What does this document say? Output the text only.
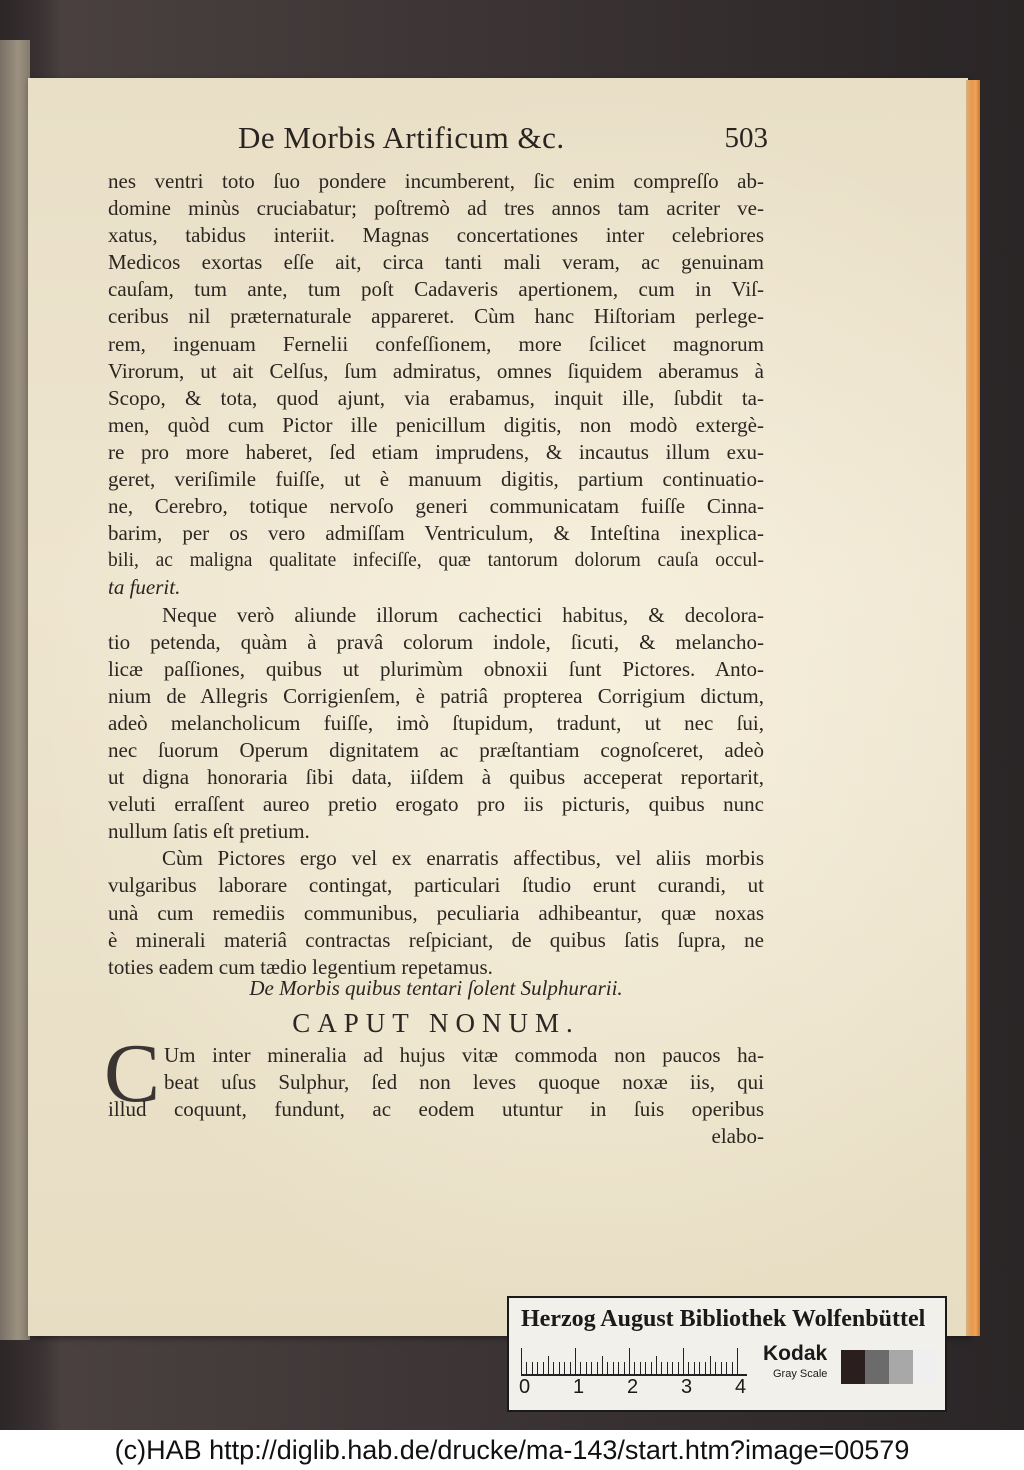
De Morbis Artificum &c.	503
nes ventri toto ſuo pondere incumberent, ſic enim compreſſo ab-
domine minùs cruciabatur; poſtremò ad tres annos tam acriter ve-
xatus, tabidus interiit. Magnas concertationes inter celebriores
Medicos exortas eſſe ait, circa tanti mali veram, ac genuinam
cauſam, tum ante, tum poſt Cadaveris apertionem, cum in Viſ-
ceribus nil præternaturale appareret. Cùm hanc Hiſtoriam perlege-
rem, ingenuam Fernelii confeſſionem, more ſcilicet magnorum
Virorum, ut ait Celſus, ſum admiratus, omnes ſiquidem aberamus à
Scopo, & tota, quod ajunt, via erabamus, inquit ille, ſubdit ta-
men, quòd cum Pictor ille penicillum digitis, non modò extergè-
re pro more haberet, ſed etiam imprudens, & incautus illum exu-
geret, veriſimile fuiſſe, ut è manuum digitis, partium continuatio-
ne, Cerebro, totique nervoſo generi communicatam fuiſſe Cinna-
barim, per os vero admiſſam Ventriculum, & Inteſtina inexplica-
bili, ac maligna qualitate infeciſſe, quæ tantorum dolorum cauſa occul-
ta fuerit.
Neque verò aliunde illorum cachectici habitus, & decolora-
tio petenda, quàm à pravâ colorum indole, ſicuti, & melancho-
licæ paſſiones, quibus ut plurimùm obnoxii ſunt Pictores. Anto-
nium de Allegris Corrigienſem, è patriâ propterea Corrigium dictum,
adeò melancholicum fuiſſe, imò ſtupidum, tradunt, ut nec ſui,
nec ſuorum Operum dignitatem ac præſtantiam cognoſceret, adeò
ut digna honoraria ſibi data, iiſdem à quibus acceperat reportarit,
veluti erraſſent aureo pretio erogato pro iis picturis, quibus nunc
nullum ſatis eſt pretium.
Cùm Pictores ergo vel ex enarratis affectibus, vel aliis morbis
vulgaribus laborare contingat, particulari ſtudio erunt curandi, ut
unà cum remediis communibus, peculiaria adhibeantur, quæ noxas
è minerali materiâ contractas reſpiciant, de quibus ſatis ſupra, ne
toties eadem cum tædio legentium repetamus.
De Morbis quibus tentari ſolent Sulphurarii.
CAPUT NONUM.
C Um inter mineralia ad hujus vitæ commoda non paucos ha-
beat uſus Sulphur, ſed non leves quoque noxæ iis, qui
illud coquunt, fundunt, ac eodem utuntur in ſuis operibus
elabo-
Herzog August Bibliothek Wolfenbüttel
0 1 2 3 4
Kodak
Gray Scale
(c)HAB http://diglib.hab.de/drucke/ma-143/start.htm?image=00579
